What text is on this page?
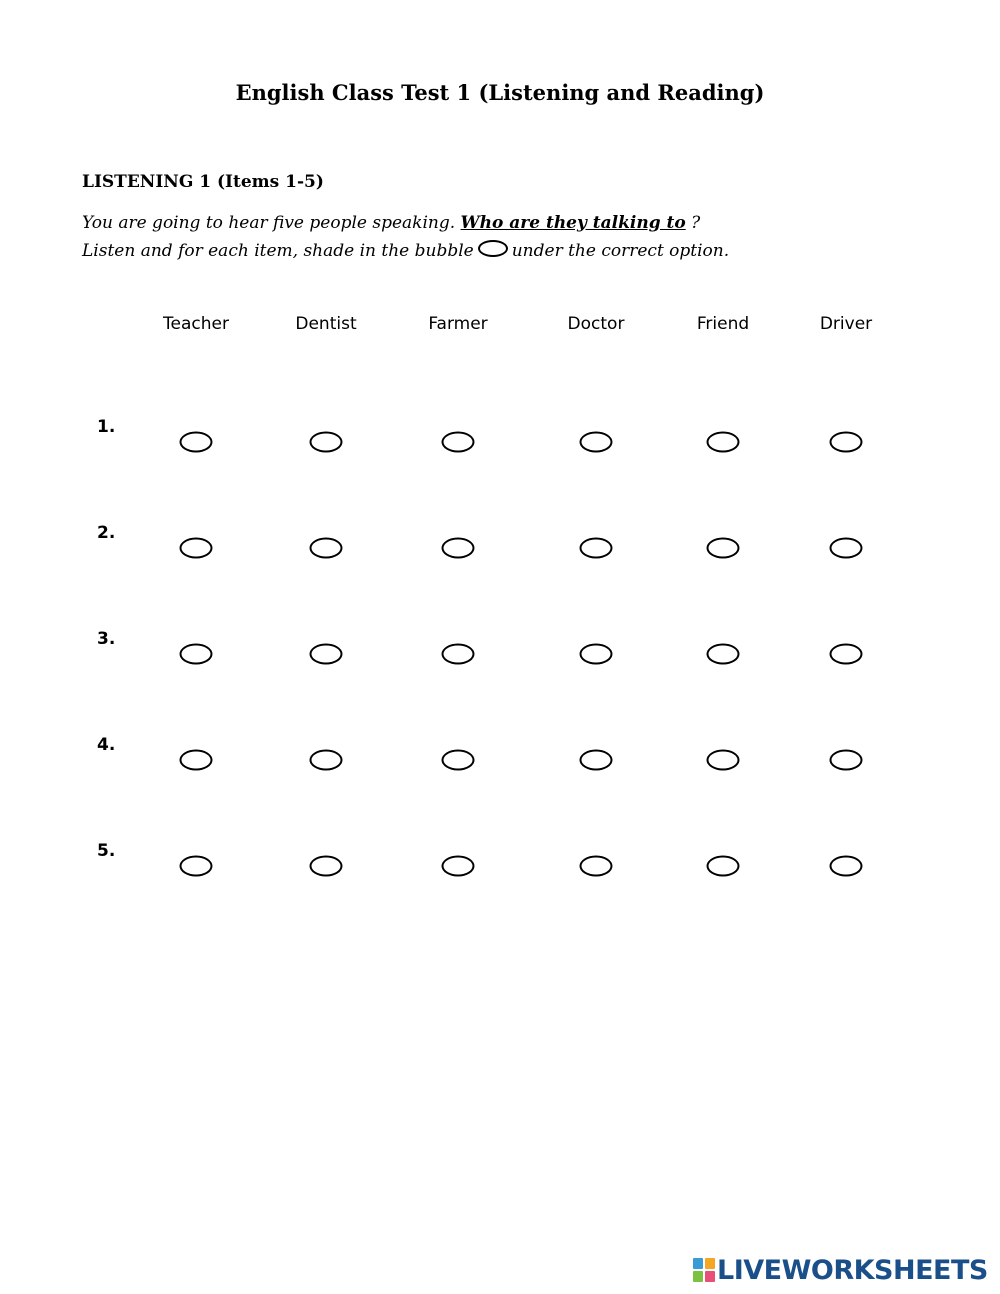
English Class Test 1 (Listening and Reading)
LISTENING 1 (Items 1-5)
You are going to hear five people speaking. Who are they talking to ?
Listen and for each item, shade in the bubble under the correct option.
Teacher	Dentist	Farmer	Doctor	Friend	Driver
1.
2.
3.
4.
5.
LIVEWORKSHEETS
